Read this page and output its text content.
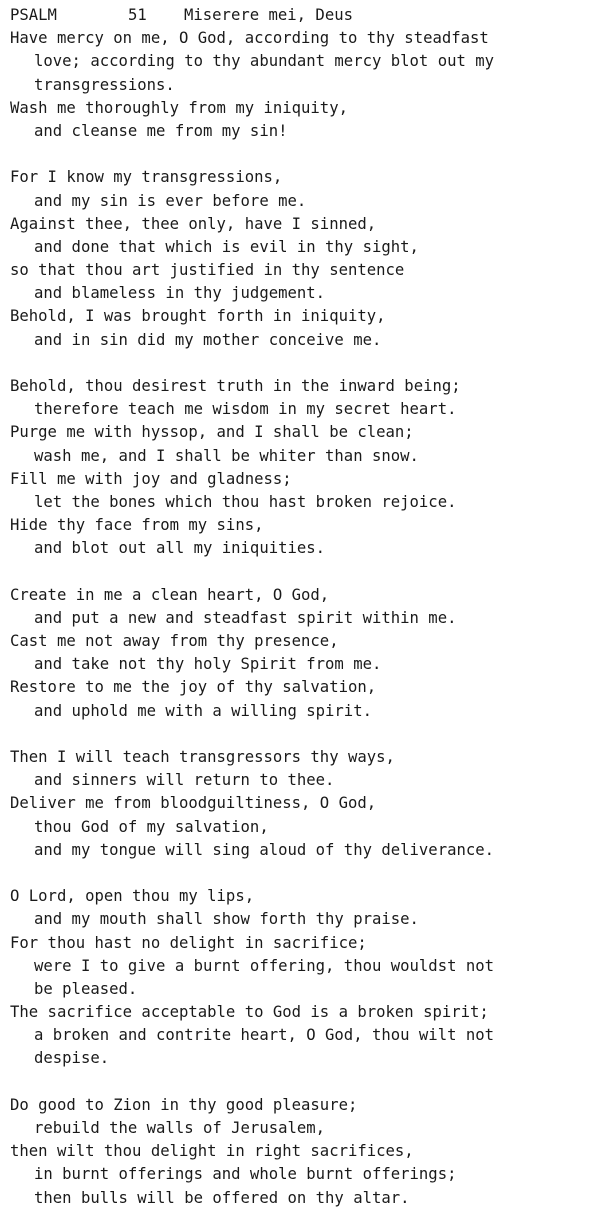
PSALM	51 Miserere mei, Deus
Have mercy on me, O God, according to thy steadfast
love; according to thy abundant mercy blot out my
transgressions.
Wash me thoroughly from my iniquity,
and cleanse me from my sin!
For I know my transgressions,
and my sin is ever before me.
Against thee, thee only, have I sinned,
and done that which is evil in thy sight,
so that thou art justified in thy sentence
and blameless in thy judgement.
Behold, I was brought forth in iniquity,
and in sin did my mother conceive me.
Behold, thou desirest truth in the inward being;
therefore teach me wisdom in my secret heart.
Purge me with hyssop, and I shall be clean;
wash me, and I shall be whiter than snow.
Fill me with joy and gladness;
let the bones which thou hast broken rejoice.
Hide thy face from my sins,
and blot out all my iniquities.
Create in me a clean heart, O God,
and put a new and steadfast spirit within me.
Cast me not away from thy presence,
and take not thy holy Spirit from me.
Restore to me the joy of thy salvation,
and uphold me with a willing spirit.
Then I will teach transgressors thy ways,
and sinners will return to thee.
Deliver me from bloodguiltiness, O God,
thou God of my salvation,
and my tongue will sing aloud of thy deliverance.
O Lord, open thou my lips,
and my mouth shall show forth thy praise.
For thou hast no delight in sacrifice;
were I to give a burnt offering, thou wouldst not
be pleased.
The sacrifice acceptable to God is a broken spirit;
a broken and contrite heart, O God, thou wilt not
despise.
Do good to Zion in thy good pleasure;
rebuild the walls of Jerusalem,
then wilt thou delight in right sacrifices,
in burnt offerings and whole burnt offerings;
then bulls will be offered on thy altar.
